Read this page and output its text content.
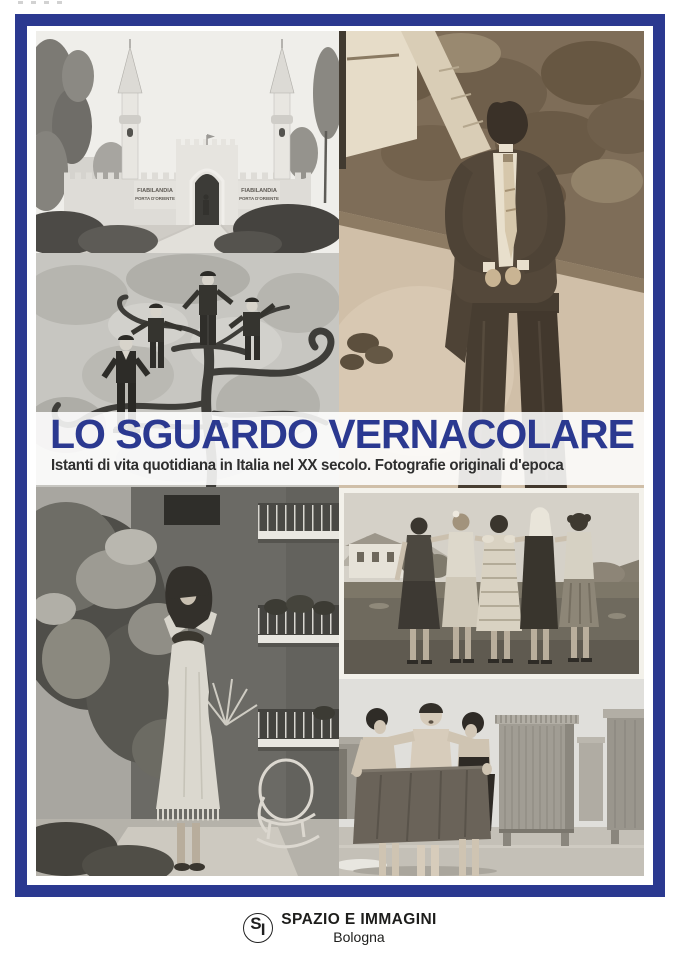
FIABILANDIA
PORTA D'ORIENTE
FIABILANDIA
PORTA D'ORIENTE
LO SGUARDO VERNACOLARE

Istanti di vita quotidiana in Italia nel XX secolo. Fotografie originali d'epoca

S I
SPAZIO E IMMAGINI
Bologna
